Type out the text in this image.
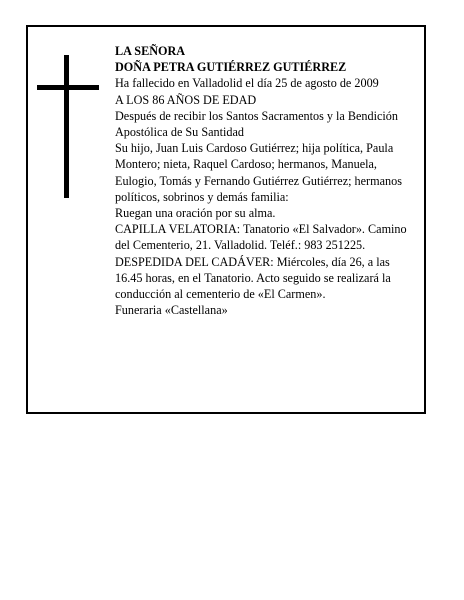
LA SEÑORA

DOÑA PETRA GUTIÉRREZ GUTIÉRREZ

Ha fallecido en Valladolid el día 25 de agosto de 2009

A LOS 86 AÑOS DE EDAD

Después de recibir los Santos Sacramentos y la Bendición Apostólica de Su Santidad

Su hijo, Juan Luis Cardoso Gutiérrez; hija política, Paula Montero; nieta, Raquel Cardoso; hermanos, Manuela, Eulogio, Tomás y Fernando Gutiérrez Gutiérrez; hermanos políticos, sobrinos y demás familia:

Ruegan una oración por su alma.

CAPILLA VELATORIA: Tanatorio «El Salvador». Camino del Cementerio, 21. Valladolid. Teléf.: 983 251225.

DESPEDIDA DEL CADÁVER: Miércoles, día 26, a las 16.45 horas, en el Tanatorio. Acto seguido se realizará la conducción al cementerio de «El Carmen».

Funeraria «Castellana»
